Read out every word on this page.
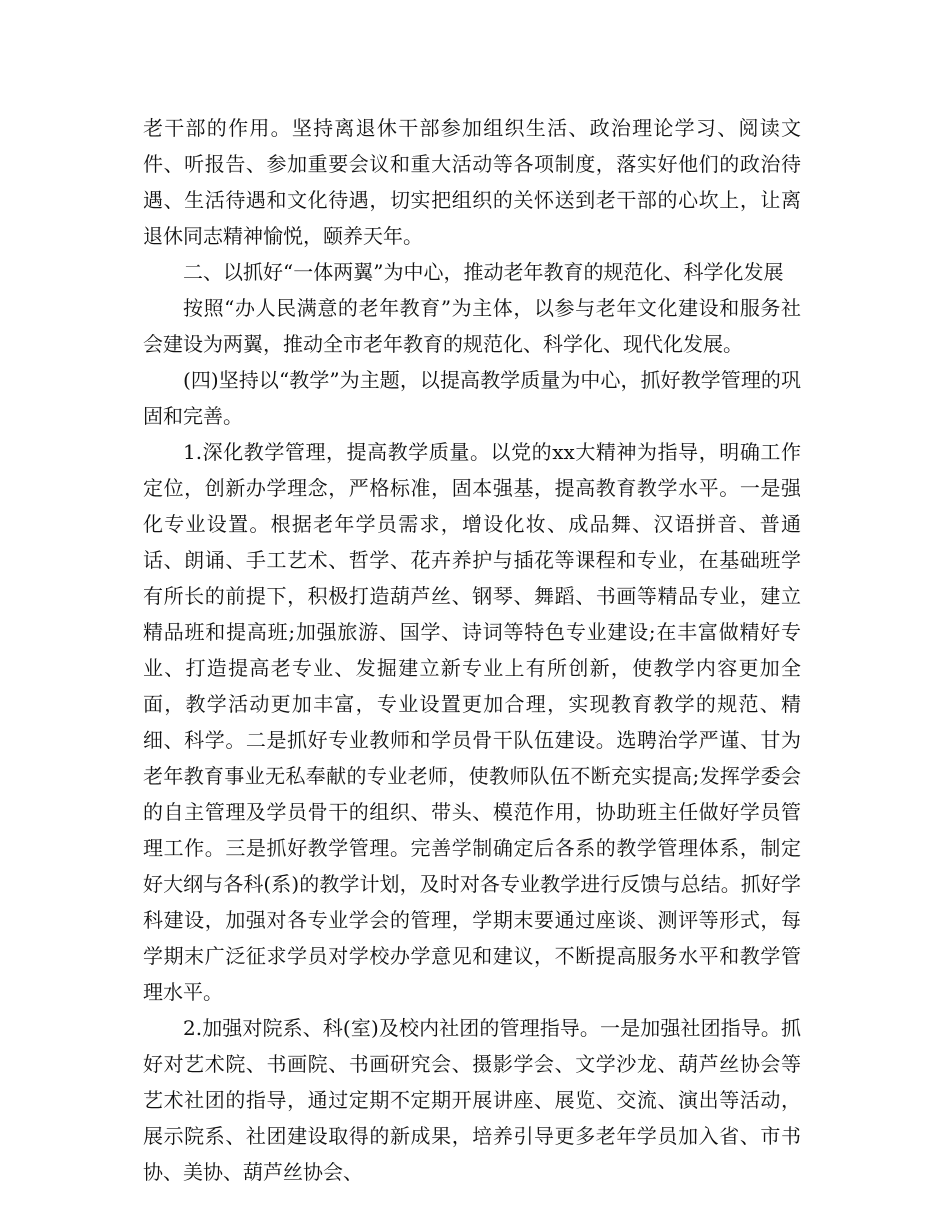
老干部的作用。坚持离退休干部参加组织生活、政治理论学习、阅读文件、听报告、参加重要会议和重大活动等各项制度，落实好他们的政治待遇、生活待遇和文化待遇，切实把组织的关怀送到老干部的心坎上，让离退休同志精神愉悦，颐养天年。

二、以抓好“一体两翼”为中心，推动老年教育的规范化、科学化发展

按照“办人民满意的老年教育”为主体，以参与老年文化建设和服务社会建设为两翼，推动全市老年教育的规范化、科学化、现代化发展。

(四)坚持以“教学”为主题，以提高教学质量为中心，抓好教学管理的巩固和完善。

1.深化教学管理，提高教学质量。以党的xx大精神为指导，明确工作定位，创新办学理念，严格标准，固本强基，提高教育教学水平。一是强化专业设置。根据老年学员需求，增设化妆、成品舞、汉语拼音、普通话、朗诵、手工艺术、哲学、花卉养护与插花等课程和专业，在基础班学有所长的前提下，积极打造葫芦丝、钢琴、舞蹈、书画等精品专业，建立精品班和提高班;加强旅游、国学、诗词等特色专业建设;在丰富做精好专业、打造提高老专业、发掘建立新专业上有所创新，使教学内容更加全面，教学活动更加丰富，专业设置更加合理，实现教育教学的规范、精细、科学。二是抓好专业教师和学员骨干队伍建设。选聘治学严谨、甘为老年教育事业无私奉献的专业老师，使教师队伍不断充实提高;发挥学委会的自主管理及学员骨干的组织、带头、模范作用，协助班主任做好学员管理工作。三是抓好教学管理。完善学制确定后各系的教学管理体系，制定好大纲与各科(系)的教学计划，及时对各专业教学进行反馈与总结。抓好学科建设，加强对各专业学会的管理，学期末要通过座谈、测评等形式，每学期末广泛征求学员对学校办学意见和建议，不断提高服务水平和教学管理水平。

2.加强对院系、科(室)及校内社团的管理指导。一是加强社团指导。抓好对艺术院、书画院、书画研究会、摄影学会、文学沙龙、葫芦丝协会等艺术社团的指导，通过定期不定期开展讲座、展览、交流、演出等活动，展示院系、社团建设取得的新成果，培养引导更多老年学员加入省、市书协、美协、葫芦丝协会、
